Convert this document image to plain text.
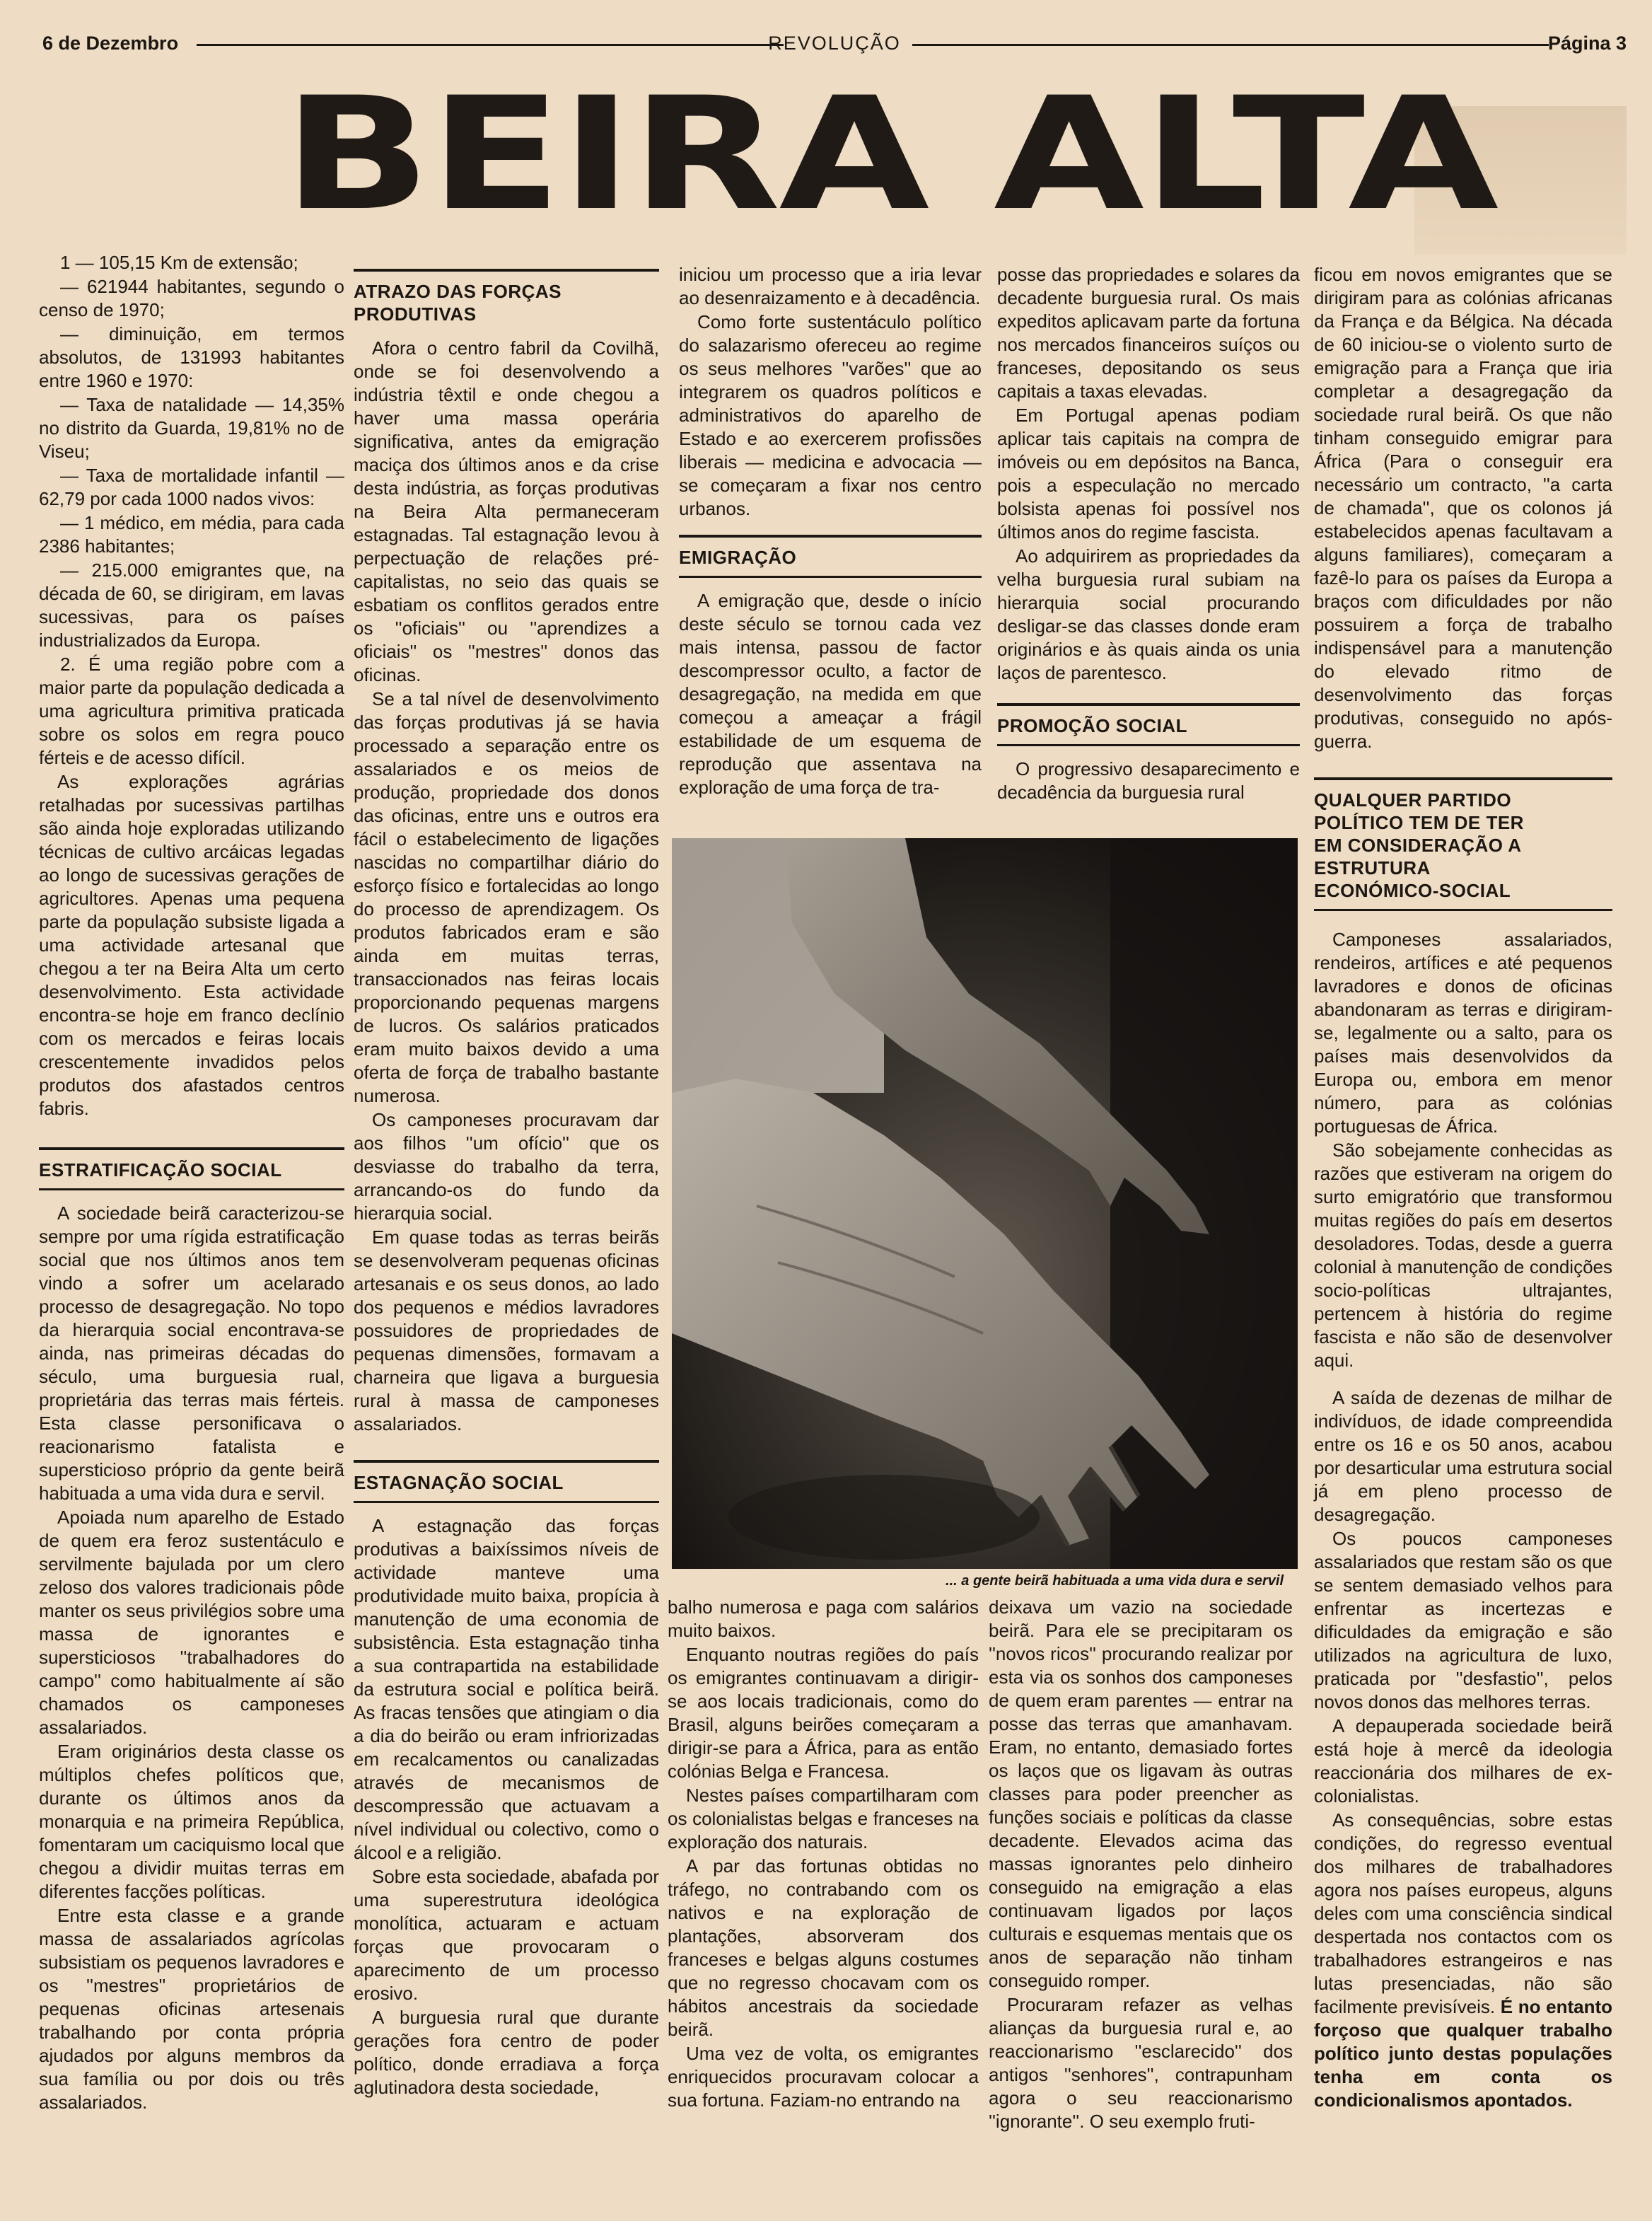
6 de Dezembro	REVOLUÇÃO	Página 3
BEIRA ALTA

1 — 105,15 Km de extensão;

— 621944 habitantes, segundo o censo de 1970;

— diminuição, em termos absolutos, de 131993 habitantes entre 1960 e 1970:

— Taxa de natalidade — 14,35% no distrito da Guarda, 19,81% no de Viseu;

— Taxa de mortalidade infantil — 62,79 por cada 1000 nados vivos:

— 1 médico, em média, para cada 2386 habitantes;

— 215.000 emigrantes que, na década de 60, se dirigiram, em lavas sucessivas, para os países industrializados da Europa.

2. É uma região pobre com a maior parte da população dedicada a uma agricultura primitiva praticada sobre os solos em regra pouco férteis e de acesso difícil.

As explorações agrárias retalhadas por sucessivas partilhas são ainda hoje exploradas utilizando técnicas de cultivo arcáicas legadas ao longo de sucessivas gerações de agricultores. Apenas uma pequena parte da população subsiste ligada a uma actividade artesanal que chegou a ter na Beira Alta um certo desenvolvimento. Esta actividade encontra-se hoje em franco declínio com os mercados e feiras locais crescentemente invadidos pelos produtos dos afastados centros fabris.

ESTRATIFICAÇÃO SOCIAL

A sociedade beirã caracterizou-se sempre por uma rígida estratificação social que nos últimos anos tem vindo a sofrer um acelarado processo de desagregação. No topo da hierarquia social encontrava-se ainda, nas primeiras décadas do século, uma burguesia rual, proprietária das terras mais férteis. Esta classe personificava o reacionarismo fatalista e supersticioso próprio da gente beirã habituada a uma vida dura e servil.

Apoiada num aparelho de Estado de quem era feroz sustentáculo e servilmente bajulada por um clero zeloso dos valores tradicionais pôde manter os seus privilégios sobre uma massa de ignorantes e supersticiosos ''trabalhadores do campo'' como habitualmente aí são chamados os camponeses assalariados.

Eram originários desta classe os múltiplos chefes políticos que, durante os últimos anos da monarquia e na primeira República, fomentaram um caciquismo local que chegou a dividir muitas terras em diferentes facções políticas.

Entre esta classe e a grande massa de assalariados agrícolas subsistiam os pequenos lavradores e os ''mestres'' proprietários de pequenas oficinas artesenais trabalhando por conta própria ajudados por alguns membros da sua família ou por dois ou três assalariados.

ATRAZO DAS FORÇAS PRODUTIVAS

Afora o centro fabril da Covilhã, onde se foi desenvolvendo a indústria têxtil e onde chegou a haver uma massa operária significativa, antes da emigração maciça dos últimos anos e da crise desta indústria, as forças produtivas na Beira Alta permaneceram estagnadas. Tal estagnação levou à perpectuação de relações pré-capitalistas, no seio das quais se esbatiam os conflitos gerados entre os ''oficiais'' ou ''aprendizes a oficiais'' os ''mestres'' donos das oficinas.

Se a tal nível de desenvolvimento das forças produtivas já se havia processado a separação entre os assalariados e os meios de produção, propriedade dos donos das oficinas, entre uns e outros era fácil o estabelecimento de ligações nascidas no compartilhar diário do esforço físico e fortalecidas ao longo do processo de aprendizagem. Os produtos fabricados eram e são ainda em muitas terras, transaccionados nas feiras locais proporcionando pequenas margens de lucros. Os salários praticados eram muito baixos devido a uma oferta de força de trabalho bastante numerosa.

Os camponeses procuravam dar aos filhos ''um ofício'' que os desviasse do trabalho da terra, arrancando-os do fundo da hierarquia social.

Em quase todas as terras beirãs se desenvolveram pequenas oficinas artesanais e os seus donos, ao lado dos pequenos e médios lavradores possuidores de propriedades de pequenas dimensões, formavam a charneira que ligava a burguesia rural à massa de camponeses assalariados.

ESTAGNAÇÃO SOCIAL

A estagnação das forças produtivas a baixíssimos níveis de actividade manteve uma produtividade muito baixa, propícia à manutenção de uma economia de subsistência. Esta estagnação tinha a sua contrapartida na estabilidade da estrutura social e política beirã. As fracas tensões que atingiam o dia a dia do beirão ou eram infriorizadas em recalcamentos ou canalizadas através de mecanismos de descompressão que actuavam a nível individual ou colectivo, como o álcool e a religião.

Sobre esta sociedade, abafada por uma superestrutura ideológica monolítica, actuaram e actuam forças que provocaram o aparecimento de um processo erosivo.

A burguesia rural que durante gerações fora centro de poder político, donde erradiava a força aglutinadora desta sociedade,

iniciou um processo que a iria levar ao desenraizamento e à decadência.

Como forte sustentáculo político do salazarismo ofereceu ao regime os seus melhores ''varões'' que ao integrarem os quadros políticos e administrativos do aparelho de Estado e ao exercerem profissões liberais — medicina e advocacia — se começaram a fixar nos centro urbanos.

EMIGRAÇÃO

A emigração que, desde o início deste século se tornou cada vez mais intensa, passou de factor descompressor oculto, a factor de desagregação, na medida em que começou a ameaçar a frágil estabilidade de um esquema de reprodução que assentava na exploração de uma força de tra-

posse das propriedades e solares da decadente burguesia rural. Os mais expeditos aplicavam parte da fortuna nos mercados financeiros suíços ou franceses, depositando os seus capitais a taxas elevadas.

Em Portugal apenas podiam aplicar tais capitais na compra de imóveis ou em depósitos na Banca, pois a especulação no mercado bolsista apenas foi possível nos últimos anos do regime fascista.

Ao adquirirem as propriedades da velha burguesia rural subiam na hierarquia social procurando desligar-se das classes donde eram originários e às quais ainda os unia laços de parentesco.

PROMOÇÃO SOCIAL

O progressivo desaparecimento e decadência da burguesia rural

... a gente beirã habituada a uma vida dura e servil

balho numerosa e paga com salários muito baixos.

Enquanto noutras regiões do país os emigrantes continuavam a dirigir-se aos locais tradicionais, como do Brasil, alguns beirões começaram a dirigir-se para a África, para as então colónias Belga e Francesa.

Nestes países compartilharam com os colonialistas belgas e franceses na exploração dos naturais.

A par das fortunas obtidas no tráfego, no contrabando com os nativos e na exploração de plantações, absorveram dos franceses e belgas alguns costumes que no regresso chocavam com os hábitos ancestrais da sociedade beirã.

Uma vez de volta, os emigrantes enriquecidos procuravam colocar a sua fortuna. Faziam-no entrando na

deixava um vazio na sociedade beirã. Para ele se precipitaram os ''novos ricos'' procurando realizar por esta via os sonhos dos camponeses de quem eram parentes — entrar na posse das terras que amanhavam. Eram, no entanto, demasiado fortes os laços que os ligavam às outras classes para poder preencher as funções sociais e políticas da classe decadente. Elevados acima das massas ignorantes pelo dinheiro conseguido na emigração a elas continuavam ligados por laços culturais e esquemas mentais que os anos de separação não tinham conseguido romper.

Procuraram refazer as velhas alianças da burguesia rural e, ao reaccionarismo ''esclarecido'' dos antigos ''senhores'', contrapunham agora o seu reaccionarismo ''ignorante''. O seu exemplo fruti-

ficou em novos emigrantes que se dirigiram para as colónias africanas da França e da Bélgica. Na década de 60 iniciou-se o violento surto de emigração para a França que iria completar a desagregação da sociedade rural beirã. Os que não tinham conseguido emigrar para África (Para o conseguir era necessário um contracto, ''a carta de chamada'', que os colonos já estabelecidos apenas facultavam a alguns familiares), começaram a fazê-lo para os países da Europa a braços com dificuldades por não possuirem a força de trabalho indispensável para a manutenção do elevado ritmo de desenvolvimento das forças produtivas, conseguido no após-guerra.

QUALQUER PARTIDO POLÍTICO TEM DE TER EM CONSIDERAÇÃO A ESTRUTURA ECONÓMICO-SOCIAL

Camponeses assalariados, rendeiros, artífices e até pequenos lavradores e donos de oficinas abandonaram as terras e dirigiram-se, legalmente ou a salto, para os países mais desenvolvidos da Europa ou, embora em menor número, para as colónias portuguesas de África.

São sobejamente conhecidas as razões que estiveram na origem do surto emigratório que transformou muitas regiões do país em desertos desoladores. Todas, desde a guerra colonial à manutenção de condições socio-políticas ultrajantes, pertencem à história do regime fascista e não são de desenvolver aqui.

A saída de dezenas de milhar de indivíduos, de idade compreendida entre os 16 e os 50 anos, acabou por desarticular uma estrutura social já em pleno processo de desagregação.

Os poucos camponeses assalariados que restam são os que se sentem demasiado velhos para enfrentar as incertezas e dificuldades da emigração e são utilizados na agricultura de luxo, praticada por ''desfastio'', pelos novos donos das melhores terras.

A depauperada sociedade beirã está hoje à mercê da ideologia reaccionária dos milhares de ex-colonialistas.

As consequências, sobre estas condições, do regresso eventual dos milhares de trabalhadores agora nos países europeus, alguns deles com uma consciência sindical despertada nos contactos com os trabalhadores estrangeiros e nas lutas presenciadas, não são facilmente previsíveis. É no entanto forçoso que qualquer trabalho político junto destas populações tenha em conta os condicionalismos apontados.
